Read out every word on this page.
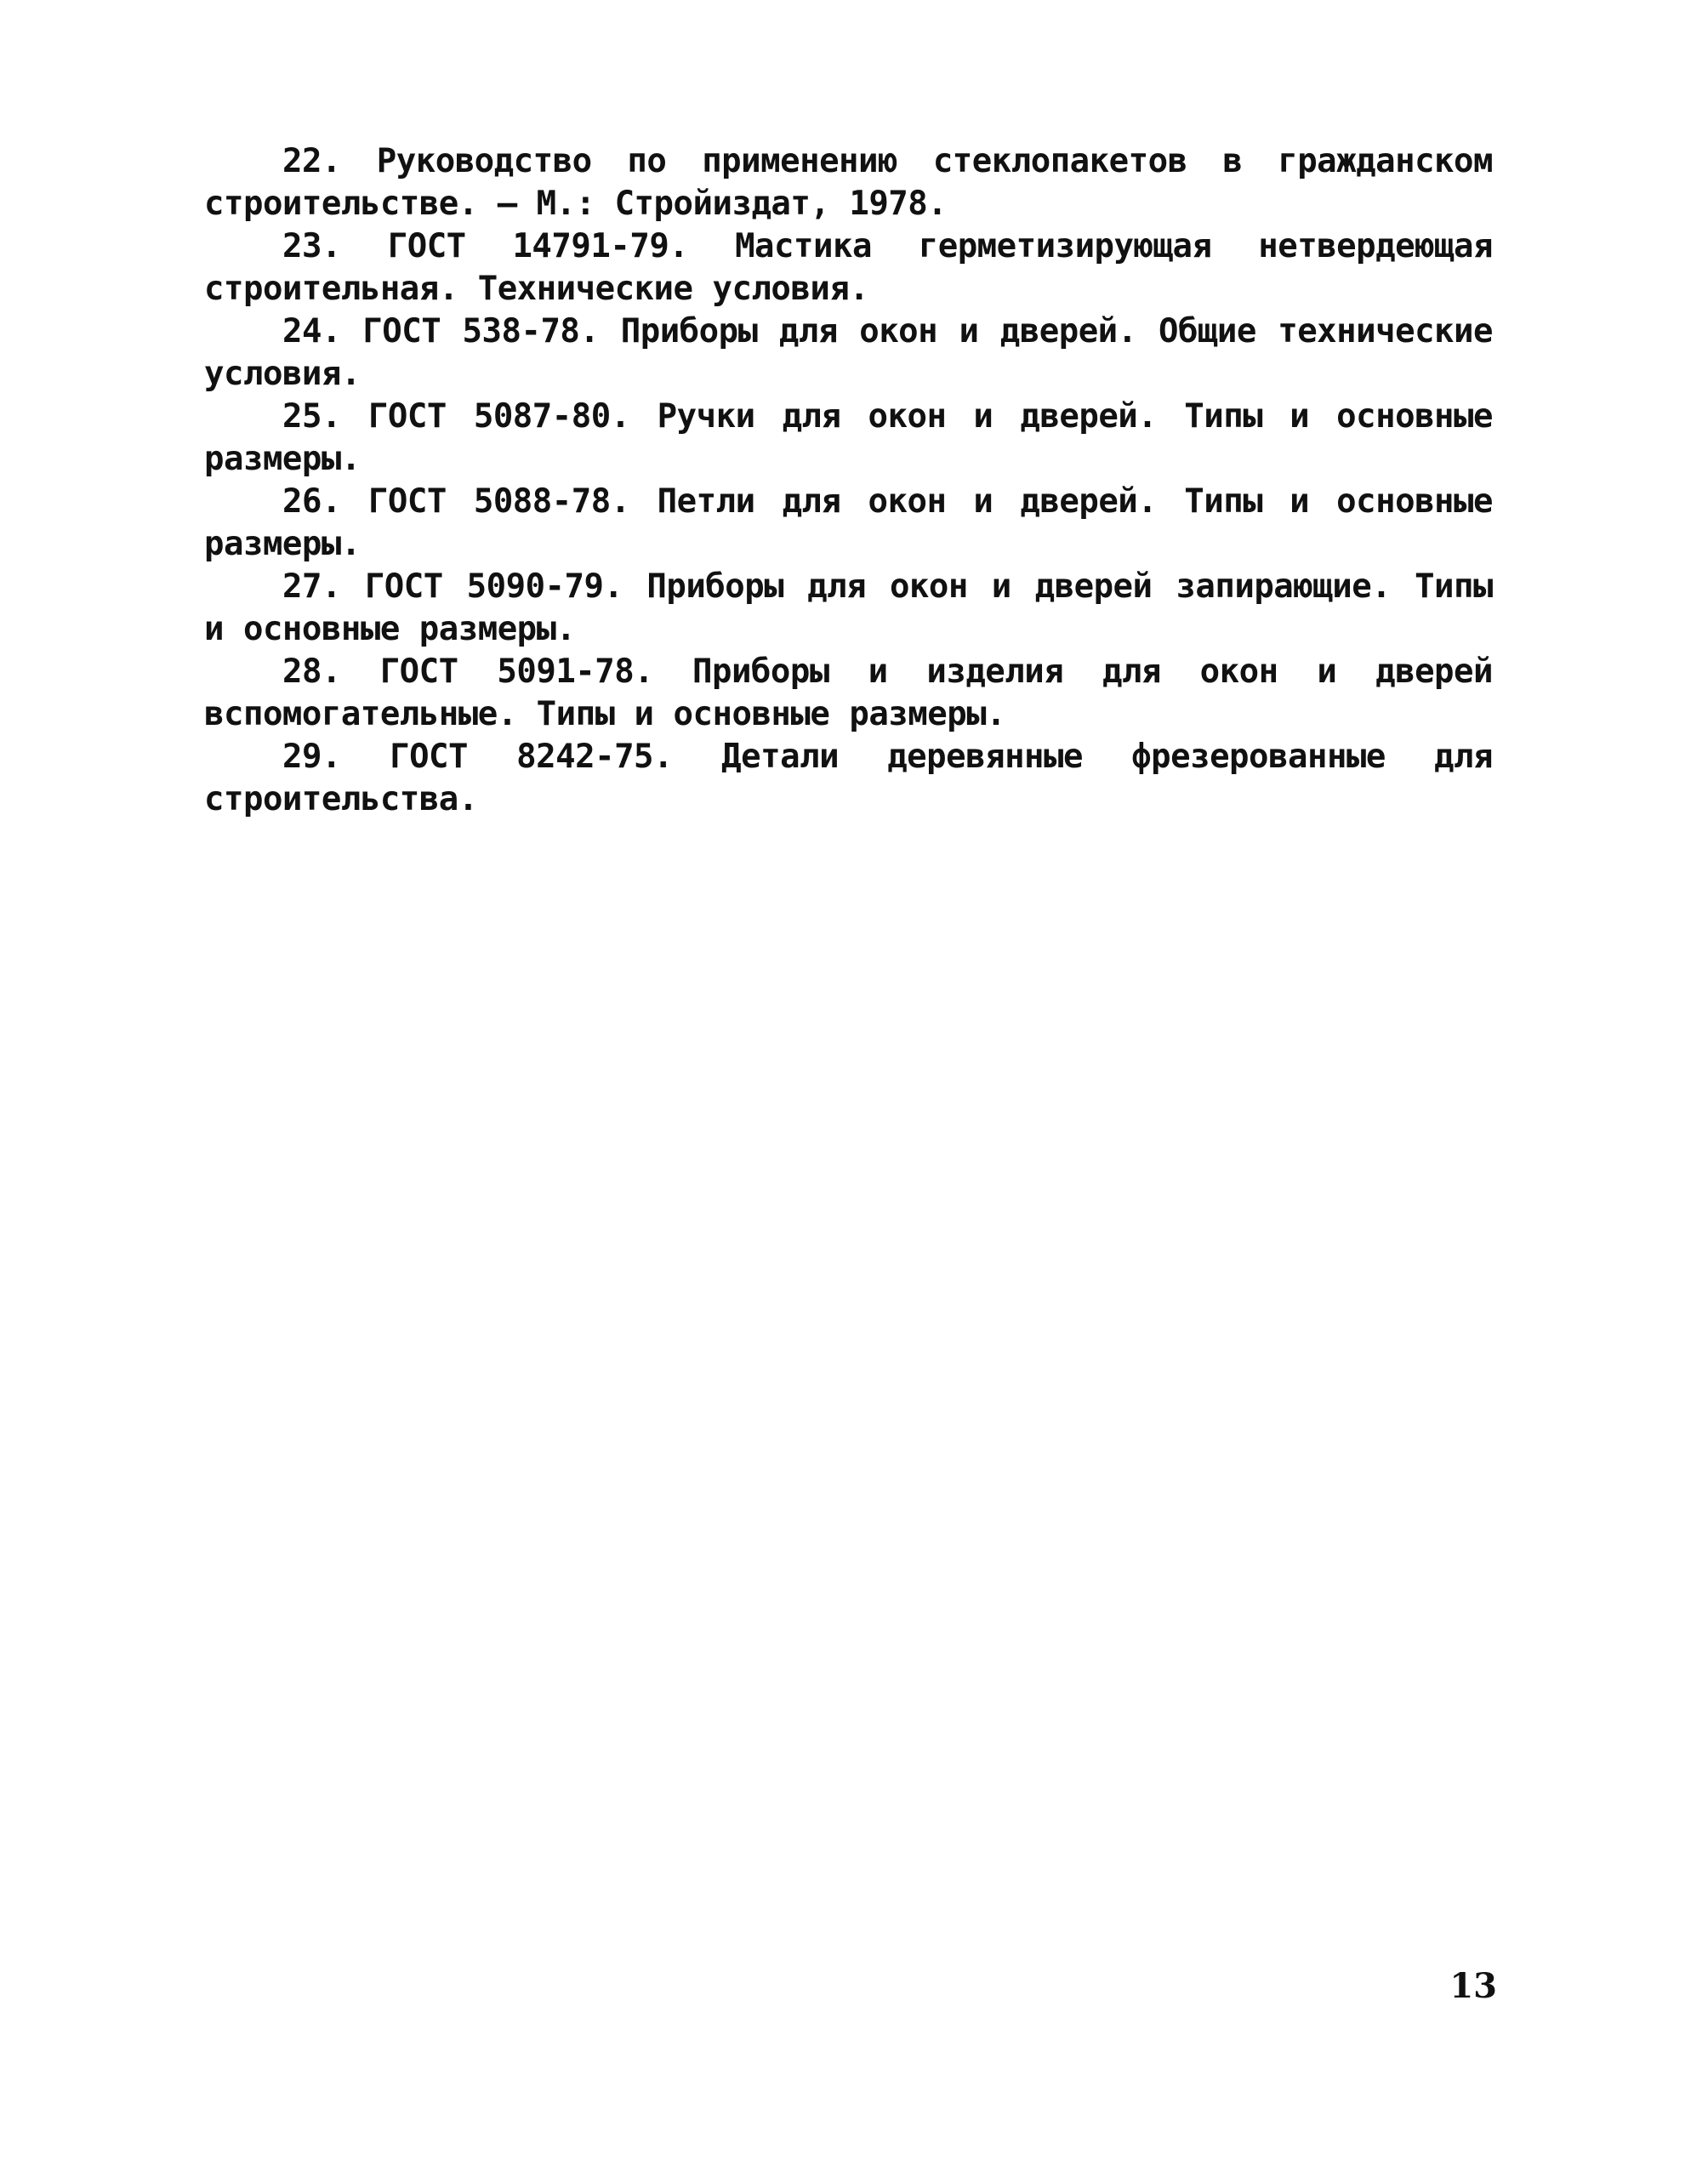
22. Руководство по применению стеклопакетов в гражданском строительстве. – М.: Стройиздат, 1978.

23. ГОСТ 14791-79. Мастика герметизирующая нетвердеющая строительная. Технические условия.

24. ГОСТ 538-78. Приборы для окон и дверей. Общие технические условия.

25. ГОСТ 5087-80. Ручки для окон и дверей. Типы и основные размеры.

26. ГОСТ 5088-78. Петли для окон и дверей. Типы и основные размеры.

27. ГОСТ 5090-79. Приборы для окон и дверей запирающие. Типы и основные размеры.

28. ГОСТ 5091-78. Приборы и изделия для окон и дверей вспомогательные. Типы и основные размеры.

29. ГОСТ 8242-75. Детали деревянные фрезерованные для строительства.

13
